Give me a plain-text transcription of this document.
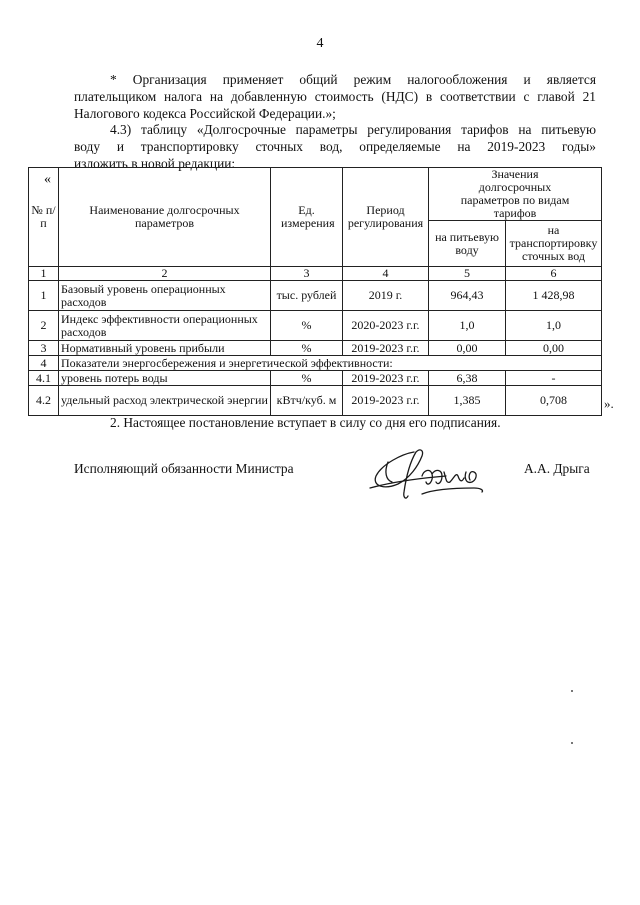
4
* Организация применяет общий режим налогообложения и является
плательщиком налога на добавленную стоимость (НДС) в соответствии с главой 21
Налогового кодекса Российской Федерации.»;
4.3) таблицу «Долгосрочные параметры регулирования тарифов на питьевую
воду и транспортировку сточных вод, определяемые на 2019-2023 годы»
изложить в новой редакции:
«
№ п/п	Наименование долгосрочных параметров	Ед. измерения	Период регулирования	Значения долгосрочных параметров по видам тарифов	
				на питьевую воду	на транспортировку сточных вод
1	2	3	4	5	6
1	Базовый уровень операционных расходов	тыс. рублей	2019 г.	964,43	1 428,98
2	Индекс эффективности операционных расходов	%	2020-2023 г.г.	1,0	1,0
3	Нормативный уровень прибыли	%	2019-2023 г.г.	0,00	0,00
4	Показатели энергосбережения и энергетической эффективности:				
4.1	уровень потерь воды	%	2019-2023 г.г.	6,38	-
4.2	удельный расход электрической энергии	кВтч/куб. м	2019-2023 г.г.	1,385	0,708	».
2. Настоящее постановление вступает в силу со дня его подписания.
Исполняющий обязанности Министра	А.А. Дрыга
